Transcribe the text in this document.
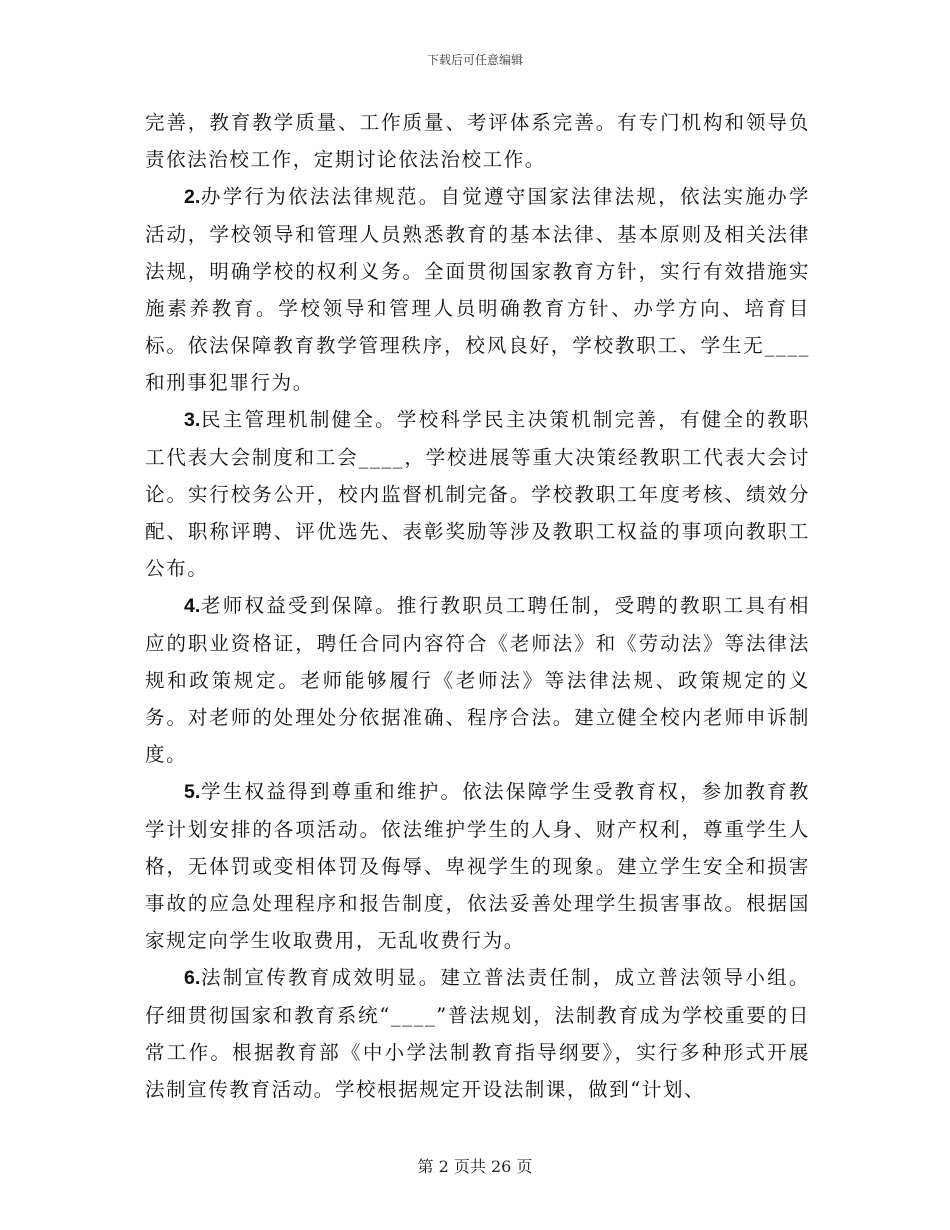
下载后可任意编辑

完善，教育教学质量、工作质量、考评体系完善。有专门机构和领导负责依法治校工作，定期讨论依法治校工作。

2.办学行为依法法律规范。自觉遵守国家法律法规，依法实施办学活动，学校领导和管理人员熟悉教育的基本法律、基本原则及相关法律法规，明确学校的权利义务。全面贯彻国家教育方针，实行有效措施实施素养教育。学校领导和管理人员明确教育方针、办学方向、培育目标。依法保障教育教学管理秩序，校风良好，学校教职工、学生无____和刑事犯罪行为。

3.民主管理机制健全。学校科学民主决策机制完善，有健全的教职工代表大会制度和工会____，学校进展等重大决策经教职工代表大会讨论。实行校务公开，校内监督机制完备。学校教职工年度考核、绩效分配、职称评聘、评优选先、表彰奖励等涉及教职工权益的事项向教职工公布。

4.老师权益受到保障。推行教职员工聘任制，受聘的教职工具有相应的职业资格证，聘任合同内容符合《老师法》和《劳动法》等法律法规和政策规定。老师能够履行《老师法》等法律法规、政策规定的义务。对老师的处理处分依据准确、程序合法。建立健全校内老师申诉制度。

5.学生权益得到尊重和维护。依法保障学生受教育权，参加教育教学计划安排的各项活动。依法维护学生的人身、财产权利，尊重学生人格，无体罚或变相体罚及侮辱、卑视学生的现象。建立学生安全和损害事故的应急处理程序和报告制度，依法妥善处理学生损害事故。根据国家规定向学生收取费用，无乱收费行为。

6.法制宣传教育成效明显。建立普法责任制，成立普法领导小组。仔细贯彻国家和教育系统“____”普法规划，法制教育成为学校重要的日常工作。根据教育部《中小学法制教育指导纲要》，实行多种形式开展法制宣传教育活动。学校根据规定开设法制课，做到“计划、

第 2 页共 26 页
